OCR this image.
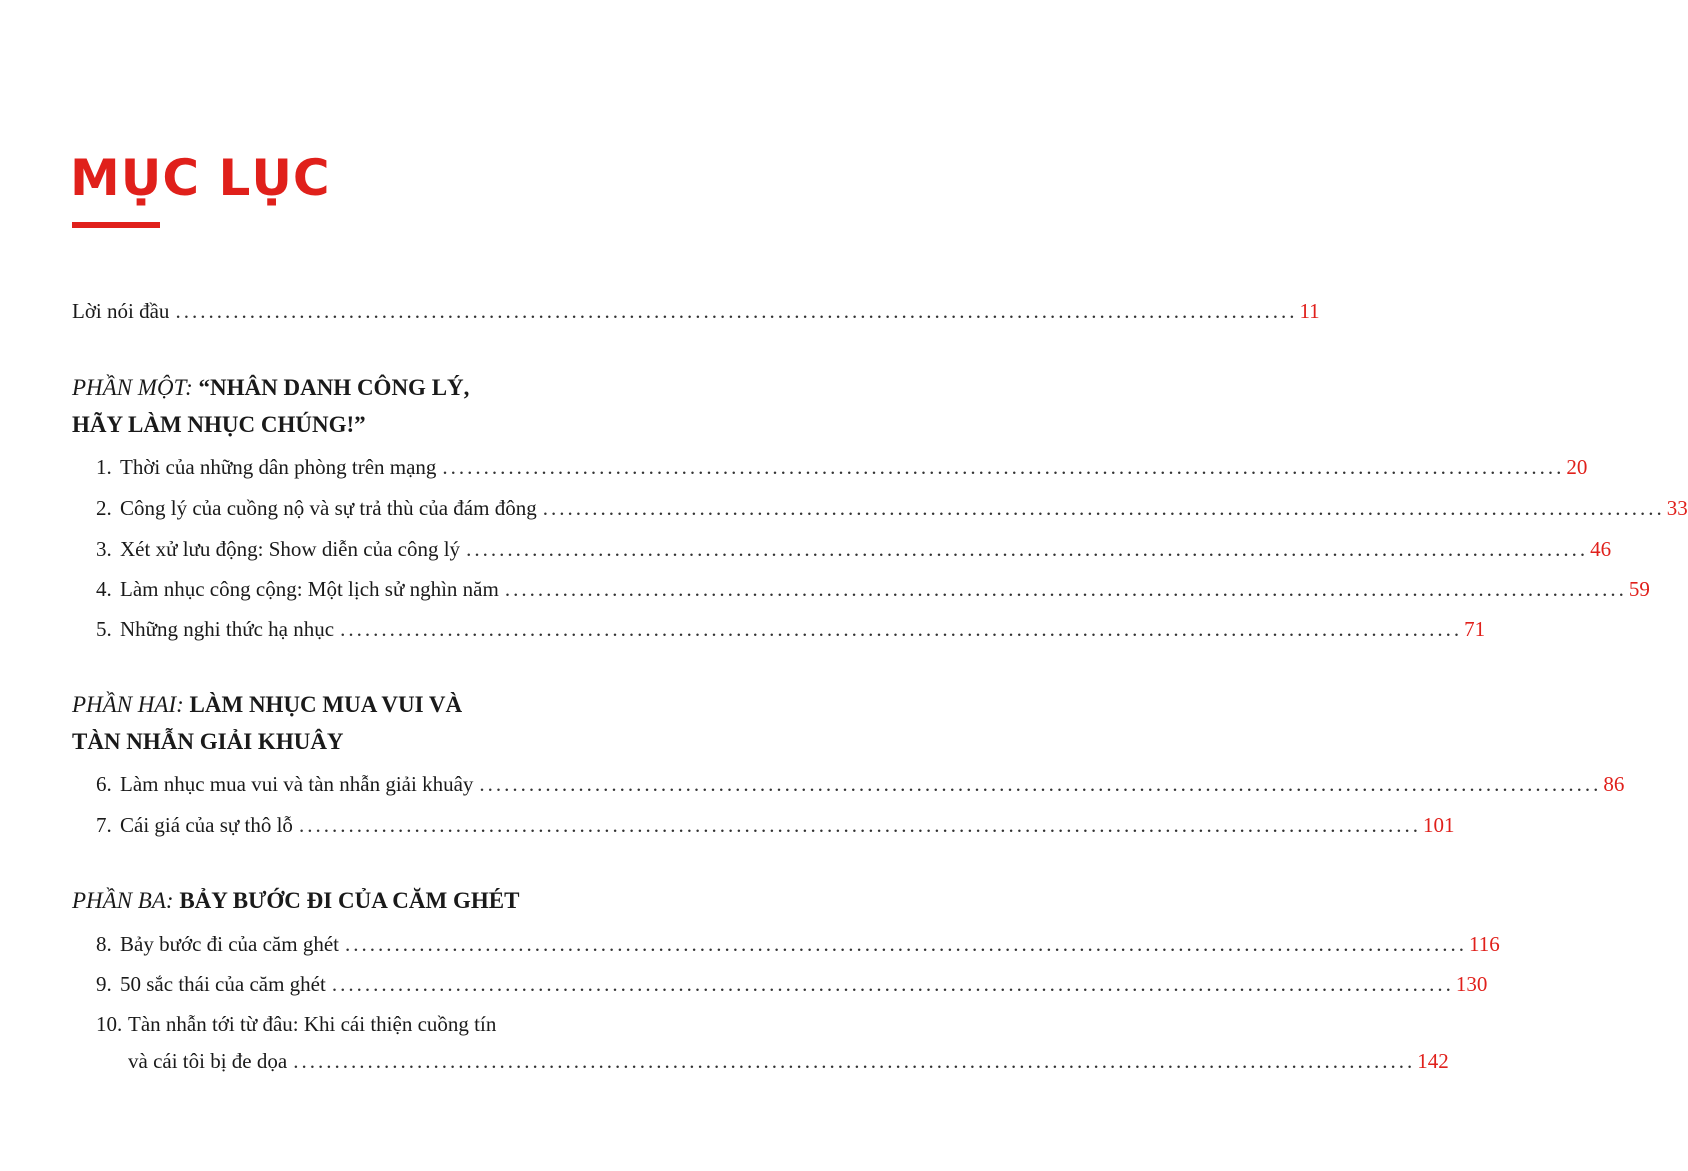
MỤC LỤC
Lời nói đầu ........................................................................................................................................ 11
PHẦN MỘT: “NHÂN DANH CÔNG LÝ,
HÃY LÀM NHỤC CHÚNG!”
1. Thời của những dân phòng trên mạng ........................................................................................................................................ 20
2. Công lý của cuồng nộ và sự trả thù của đám đông ........................................................................................................................................ 33
3. Xét xử lưu động: Show diễn của công lý ........................................................................................................................................ 46
4. Làm nhục công cộng: Một lịch sử nghìn năm ........................................................................................................................................ 59
5. Những nghi thức hạ nhục ........................................................................................................................................ 71
PHẦN HAI: LÀM NHỤC MUA VUI VÀ
TÀN NHẪN GIẢI KHUÂY
6. Làm nhục mua vui và tàn nhẫn giải khuây ........................................................................................................................................ 86
7. Cái giá của sự thô lỗ ........................................................................................................................................ 101
PHẦN BA: BẢY BƯỚC ĐI CỦA CĂM GHÉT
8. Bảy bước đi của căm ghét ........................................................................................................................................ 116
9. 50 sắc thái của căm ghét ........................................................................................................................................ 130
10. Tàn nhẫn tới từ đâu: Khi cái thiện cuồng tín
và cái tôi bị đe dọa ........................................................................................................................................ 142
